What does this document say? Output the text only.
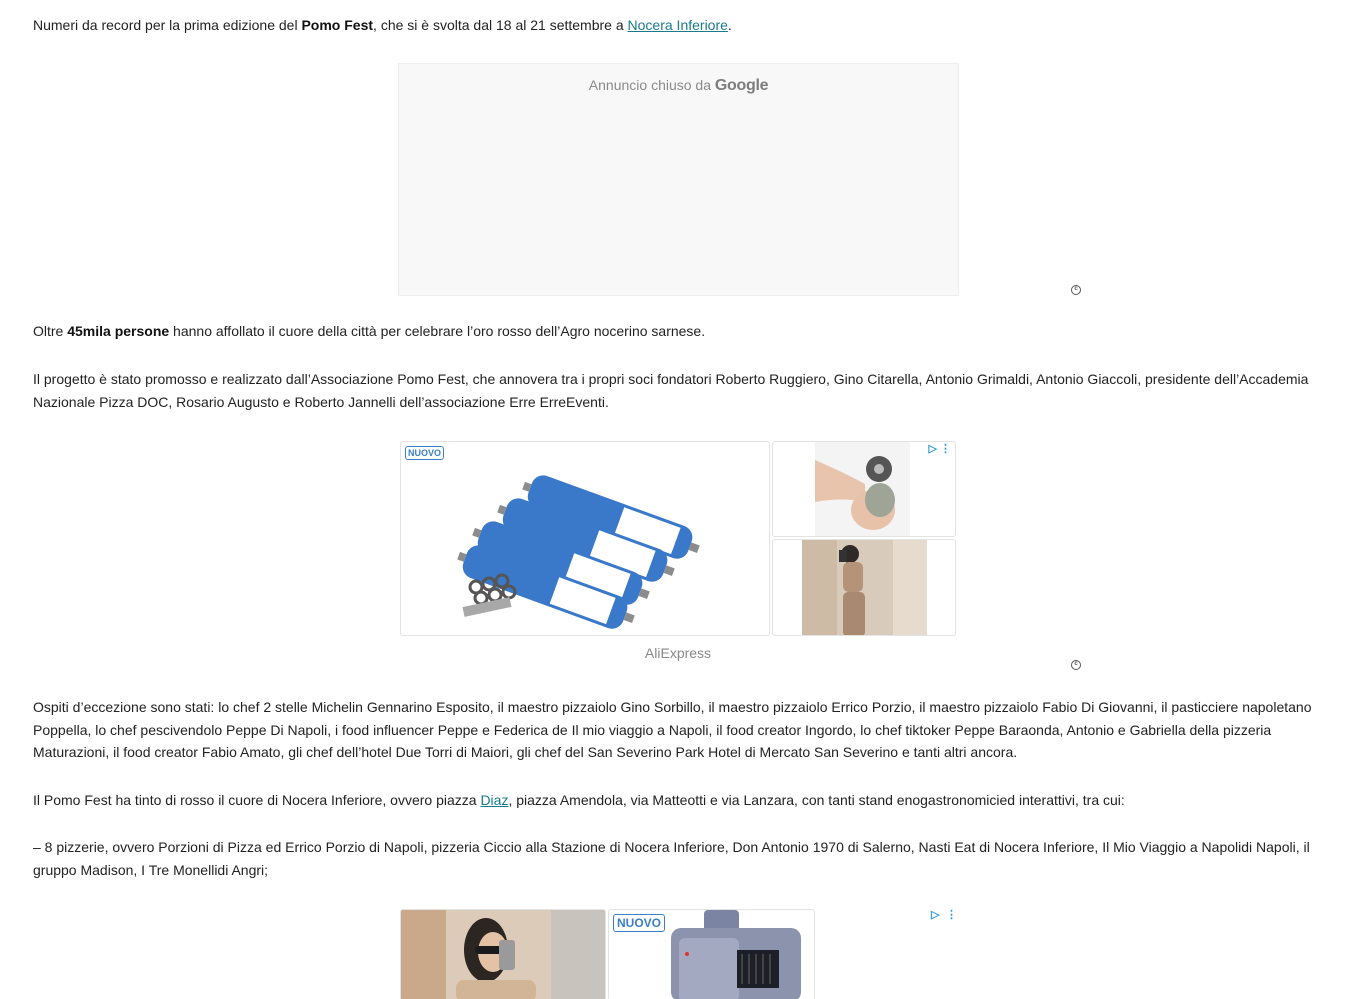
Numeri da record per la prima edizione del Pomo Fest, che si è svolta dal 18 al 21 settembre a Nocera Inferiore.

Oltre 45mila persone hanno affollato il cuore della città per celebrare l’oro rosso dell’Agro nocerino sarnese.

Il progetto è stato promosso e realizzato dall’Associazione Pomo Fest, che annovera tra i propri soci fondatori Roberto Ruggiero, Gino Citarella, Antonio Grimaldi, Antonio Giaccoli, presidente dell’Accademia Nazionale Pizza DOC, Rosario Augusto e Roberto Jannelli dell’associazione Erre ErreEventi.

Ospiti d’eccezione sono stati: lo chef 2 stelle Michelin Gennarino Esposito, il maestro pizzaiolo Gino Sorbillo, il maestro pizzaiolo Errico Porzio, il maestro pizzaiolo Fabio Di Giovanni, il pasticciere napoletano Poppella, lo chef pescivendolo Peppe Di Napoli, i food influencer Peppe e Federica de Il mio viaggio a Napoli, il food creator Ingordo, lo chef tiktoker Peppe Baraonda, Antonio e Gabriella della pizzeria Maturazioni, il food creator Fabio Amato, gli chef dell’hotel Due Torri di Maiori, gli chef del San Severino Park Hotel di Mercato San Severino e tanti altri ancora.

Il Pomo Fest ha tinto di rosso il cuore di Nocera Inferiore, ovvero piazza Diaz, piazza Amendola, via Matteotti e via Lanzara, con tanti stand enogastronomicied interattivi, tra cui:

– 8 pizzerie, ovvero Porzioni di Pizza ed Errico Porzio di Napoli, pizzeria Ciccio alla Stazione di Nocera Inferiore, Don Antonio 1970 di Salerno, Nasti Eat di Nocera Inferiore, Il Mio Viaggio a Napolidi Napoli, il gruppo Madison, I Tre Monellidi Angri;

Annuncio chiuso da Google
c
NUOVO	▷ ⋮
AliExpress
c
NUOVO
▷ ⋮
